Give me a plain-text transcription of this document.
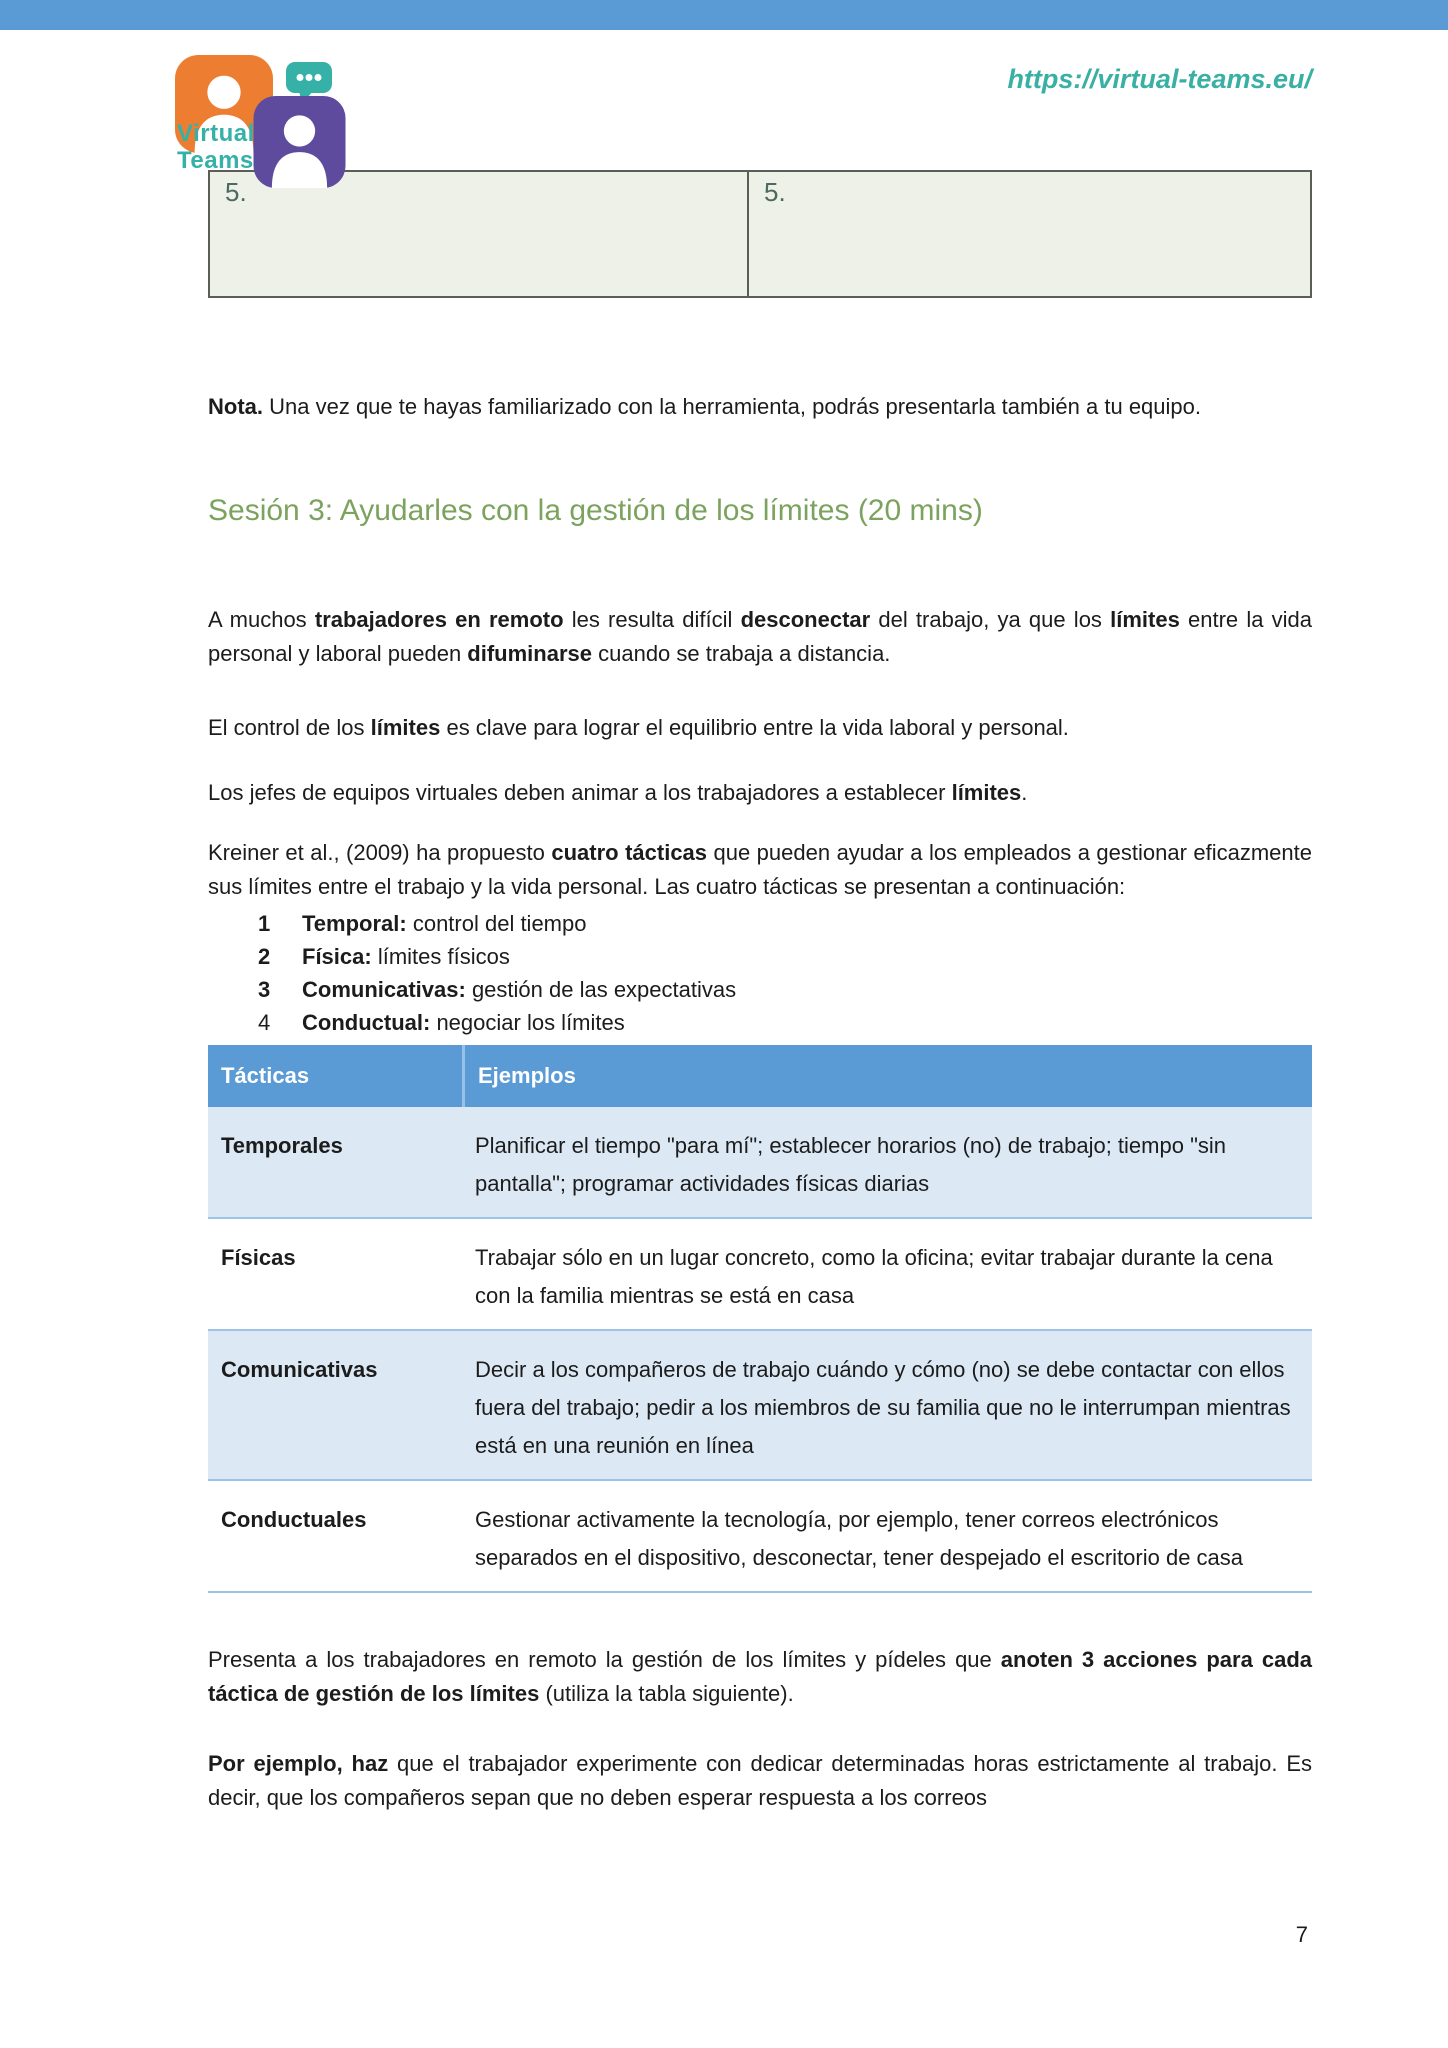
Virtual
Teams
https://virtual-teams.eu/
5.	5.

Nota. Una vez que te hayas familiarizado con la herramienta, podrás presentarla también a tu equipo.

Sesión 3: Ayudarles con la gestión de los límites (20 mins)

A muchos trabajadores en remoto les resulta difícil desconectar del trabajo, ya que los límites entre la vida personal y laboral pueden difuminarse cuando se trabaja a distancia.

El control de los límites es clave para lograr el equilibrio entre la vida laboral y personal.

Los jefes de equipos virtuales deben animar a los trabajadores a establecer límites.

Kreiner et al., (2009) ha propuesto cuatro tácticas que pueden ayudar a los empleados a gestionar eficazmente sus límites entre el trabajo y la vida personal. Las cuatro tácticas se presentan a continuación:

1	Temporal: control del tiempo
2	Física: límites físicos
3	Comunicativas: gestión de las expectativas
4	Conductual: negociar los límites
Tácticas	Ejemplos
Temporales	Planificar el tiempo "para mí"; establecer horarios (no) de trabajo; tiempo "sin pantalla"; programar actividades físicas diarias
Físicas	Trabajar sólo en un lugar concreto, como la oficina; evitar trabajar durante la cena con la familia mientras se está en casa
Comunicativas	Decir a los compañeros de trabajo cuándo y cómo (no) se debe contactar con ellos fuera del trabajo; pedir a los miembros de su familia que no le interrumpan mientras está en una reunión en línea
Conductuales	Gestionar activamente la tecnología, por ejemplo, tener correos electrónicos separados en el dispositivo, desconectar, tener despejado el escritorio de casa

Presenta a los trabajadores en remoto la gestión de los límites y pídeles que anoten 3 acciones para cada táctica de gestión de los límites (utiliza la tabla siguiente).

Por ejemplo, haz que el trabajador experimente con dedicar determinadas horas estrictamente al trabajo. Es decir, que los compañeros sepan que no deben esperar respuesta a los correos

7
